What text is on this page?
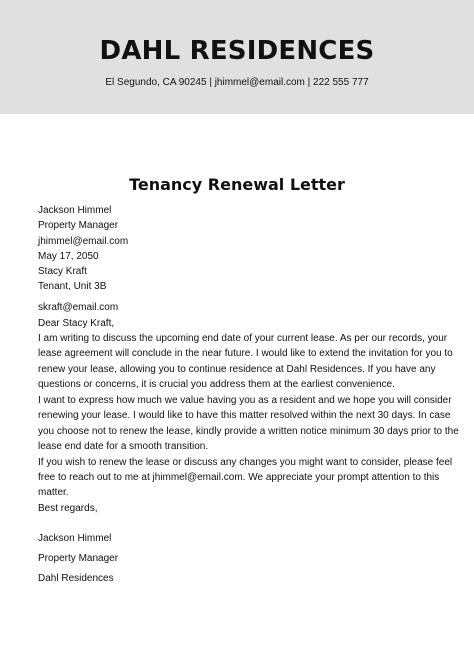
DAHL RESIDENCES
El Segundo, CA 90245 | jhimmel@email.com | 222 555 777
Tenancy Renewal Letter
Jackson Himmel
Property Manager
jhimmel@email.com
May 17, 2050
Stacy Kraft
Tenant, Unit 3B
skraft@email.com
Dear Stacy Kraft,
I am writing to discuss the upcoming end date of your current lease. As per our records, your
lease agreement will conclude in the near future. I would like to extend the invitation for you to
renew your lease, allowing you to continue residence at Dahl Residences. If you have any
questions or concerns, it is crucial you address them at the earliest convenience.
I want to express how much we value having you as a resident and we hope you will consider
renewing your lease. I would like to have this matter resolved within the next 30 days. In case
you choose not to renew the lease, kindly provide a written notice minimum 30 days prior to the
lease end date for a smooth transition.
If you wish to renew the lease or discuss any changes you might want to consider, please feel
free to reach out to me at jhimmel@email.com. We appreciate your prompt attention to this
matter.
Best regards,
Jackson Himmel
Property Manager
Dahl Residences
